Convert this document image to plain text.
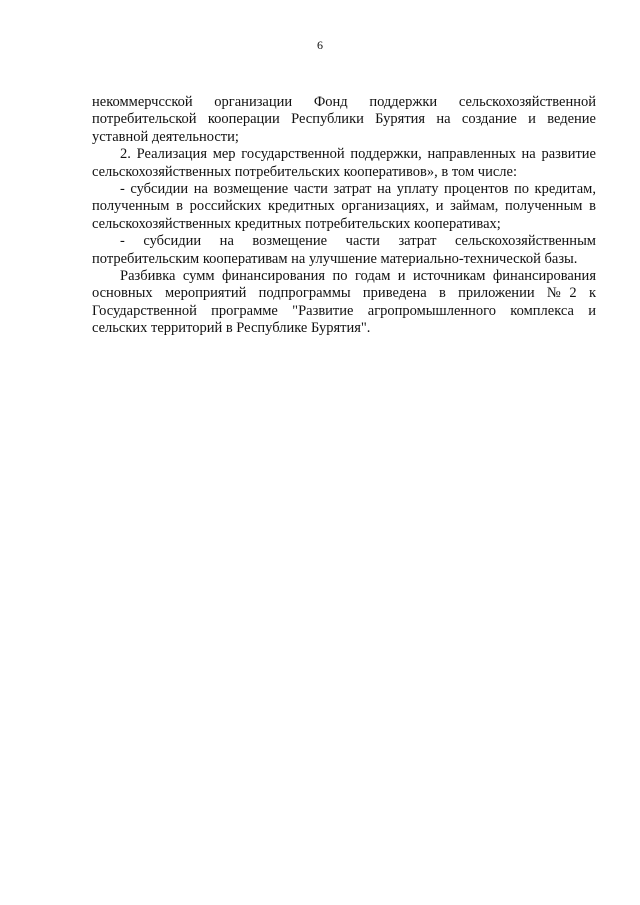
6

некоммерчсской организации Фонд поддержки сельскохозяйственной потребительской кооперации Республики Бурятия на создание и ведение уставной деятельности;

2. Реализация мер государственной поддержки, направленных на развитие сельскохозяйственных потребительских кооперативов», в том числе:

- субсидии на возмещение части затрат на уплату процентов по кредитам, полученным в российских кредитных организациях, и займам, полученным в сельскохозяйственных кредитных потребительских кооперативах;

- субсидии на возмещение части затрат сельскохозяйственным потребительским кооперативам на улучшение материально-технической базы.

Разбивка сумм финансирования по годам и источникам финансирования основных мероприятий подпрограммы приведена в приложении №2 к Государственной программе "Развитие агропромышленного комплекса и сельских территорий в Республике Бурятия".
